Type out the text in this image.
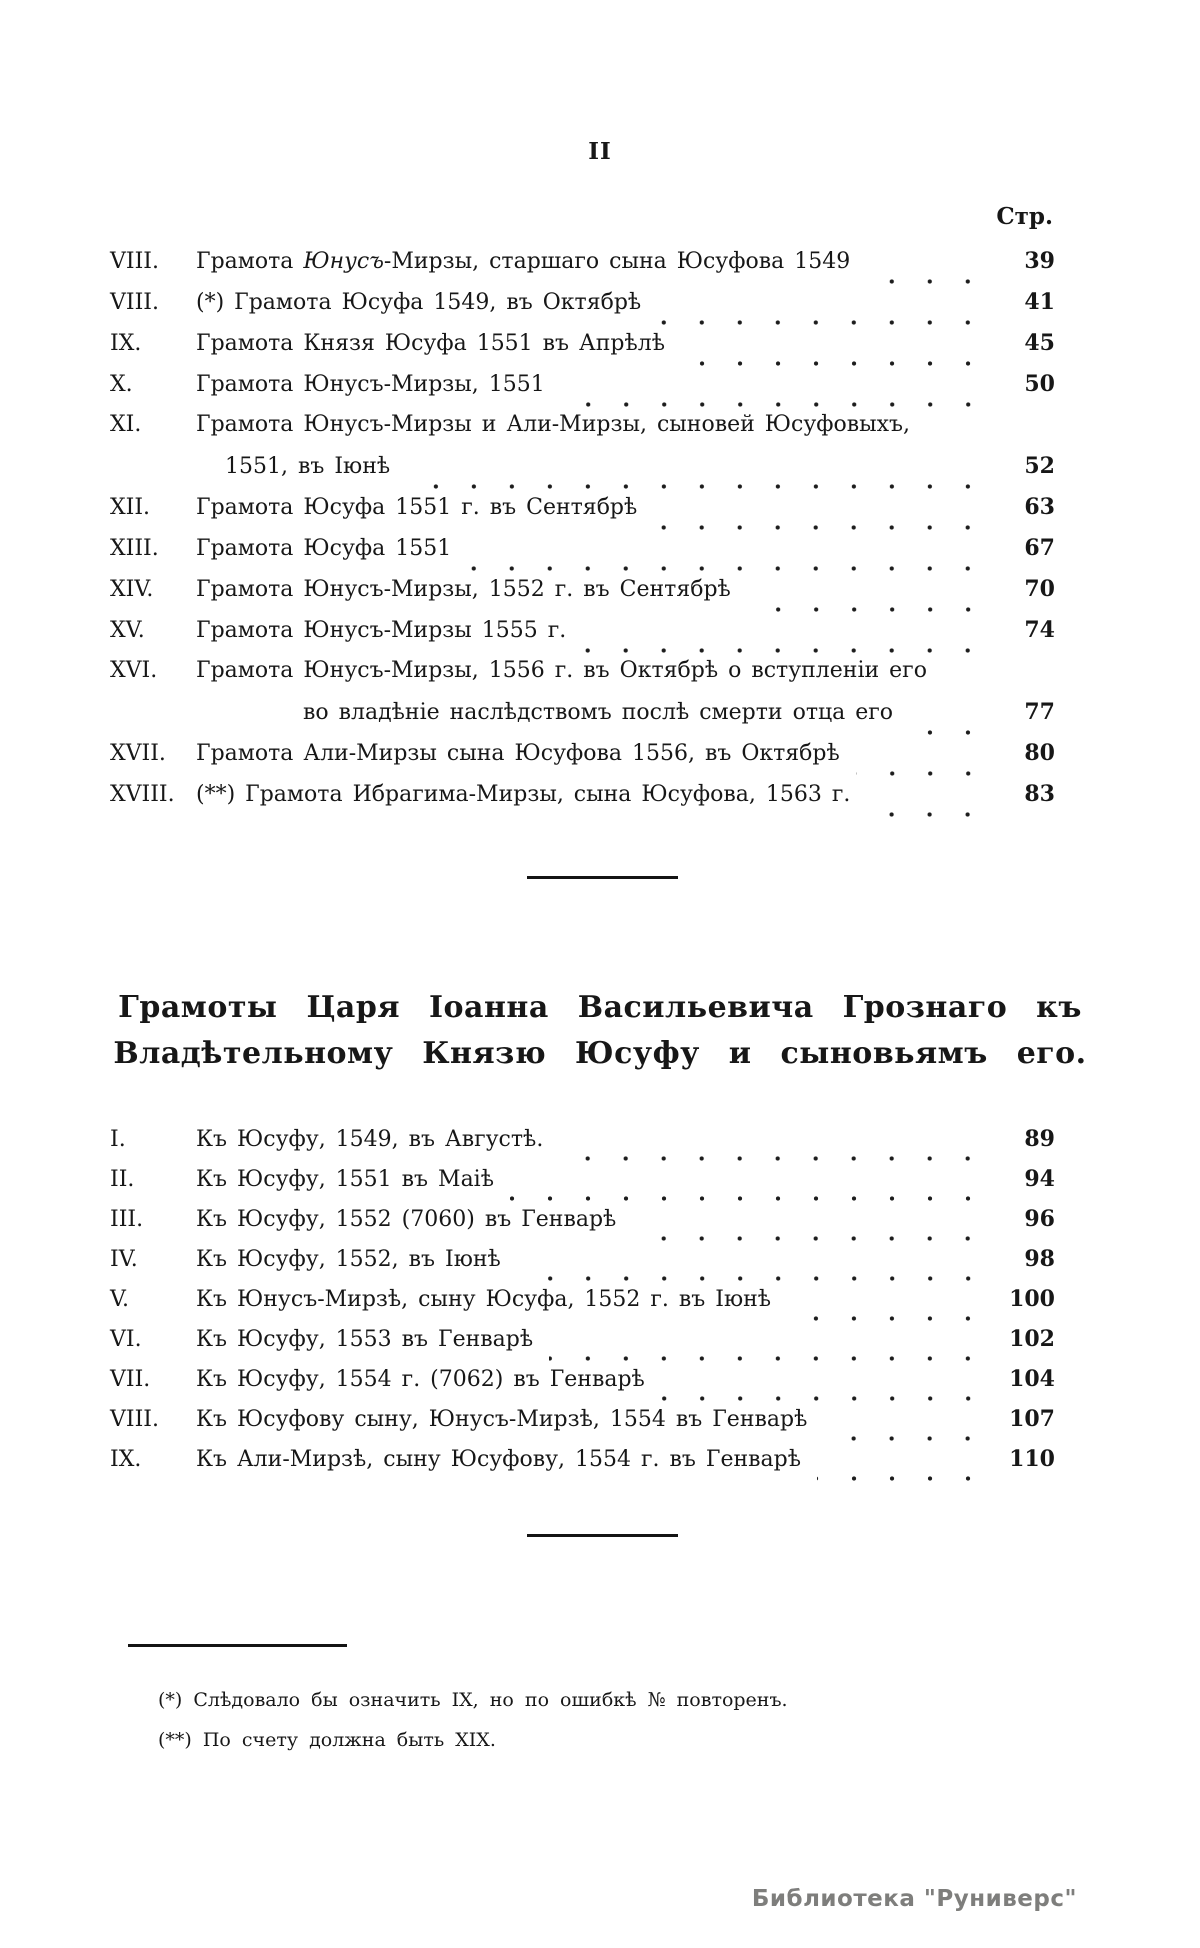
II
Стр.
VIII.	Грамота Юнусъ-Мирзы, старшаго сына Юсуфова 1549	39
VIII.	(*) Грамота Юсуфа 1549, въ Октябрѣ	41
IX.	Грамота Князя Юсуфа 1551 въ Апрѣлѣ	45
X.	Грамота Юнусъ-Мирзы, 1551	50
XI.	Грамота Юнусъ-Мирзы и Али-Мирзы, сыновей Юсуфовыхъ,
1551, въ Іюнѣ	52
XII.	Грамота Юсуфа 1551 г. въ Сентябрѣ	63
XIII.	Грамота Юсуфа 1551	67
XIV.	Грамота Юнусъ-Мирзы, 1552 г. въ Сентябрѣ	70
XV.	Грамота Юнусъ-Мирзы 1555 г.	74
XVI.	Грамота Юнусъ-Мирзы, 1556 г. въ Октябрѣ о вступленіи его
во владѣніе наслѣдствомъ послѣ смерти отца его	77
XVII.	Грамота Али-Мирзы сына Юсуфова 1556, въ Октябрѣ	80
XVIII. (**) Грамота Ибрагима-Мирзы, сына Юсуфова, 1563 г.	83
Грамоты Царя Іоанна Васильевича Грознаго къ
Владѣтельному Князю Юсуфу и сыновьямъ его.
I.	Къ Юсуфу, 1549, въ Августѣ.	89
II.	Къ Юсуфу, 1551 въ Маіѣ	94
III.	Къ Юсуфу, 1552 (7060) въ Генварѣ	96
IV.	Къ Юсуфу, 1552, въ Іюнѣ	98
V.	Къ Юнусъ-Мирзѣ, сыну Юсуфа, 1552 г. въ Іюнѣ	100
VI.	Къ Юсуфу, 1553 въ Генварѣ	102
VII.	Къ Юсуфу, 1554 г. (7062) въ Генварѣ	104
VIII.	Къ Юсуфову сыну, Юнусъ-Мирзѣ, 1554 въ Генварѣ	107
IX.	Къ Али-Мирзѣ, сыну Юсуфову, 1554 г. въ Генварѣ	110
(*) Слѣдовало бы означить IX, но по ошибкѣ № повторенъ.
(**) По счету должна быть XIX.
Библиотека "Руниверс"
